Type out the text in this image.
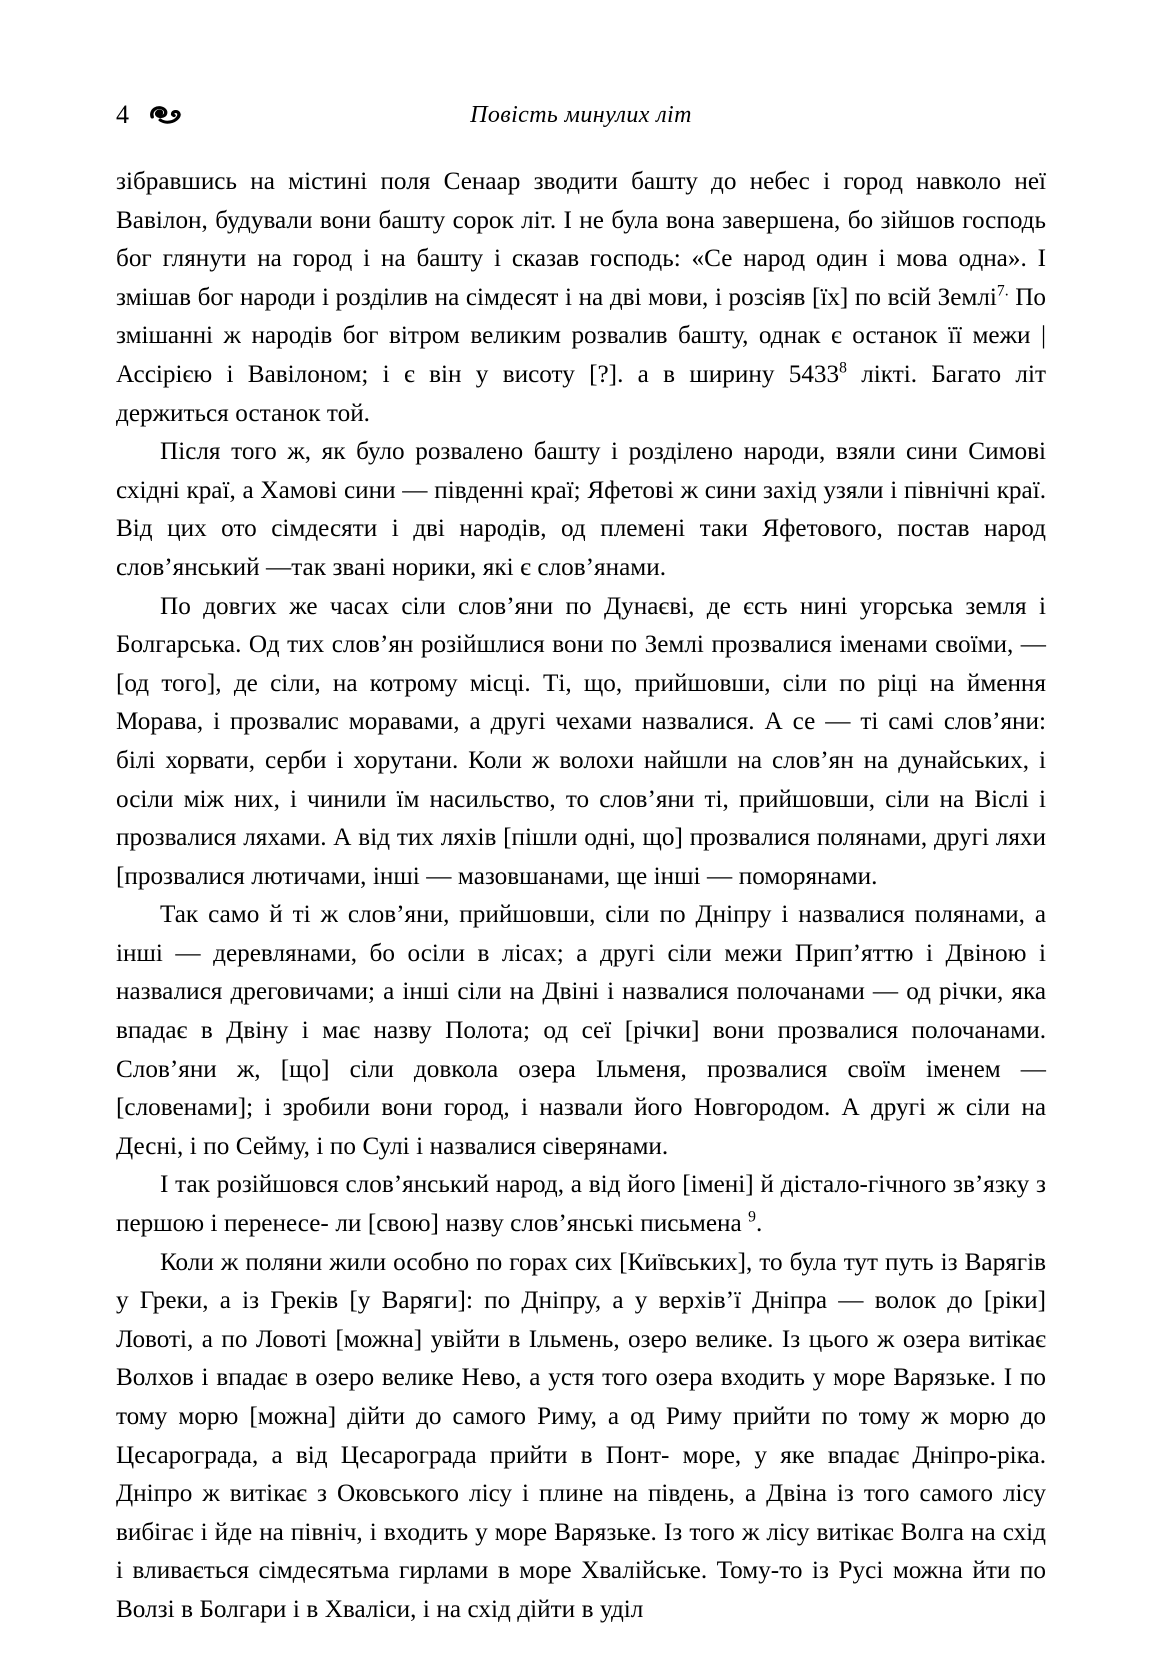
4	Повість минулих літ

зібравшись на містині поля Сенаар зводити башту до небес і город навколо неї Вавілон, будували вони башту сорок літ. І не була вона завершена, бо зійшов господь бог глянути на город і на башту і сказав господь: «Се народ один і мова одна». І змішав бог народи і розділив на сімдесят і на дві мови, і розсіяв [їх] по всій Землі$^{7.}$ По змішанні ж народів бог вітром великим розвалив башту, однак є останок її межи | Ассірією і Вавілоном; і є він у висоту [?]. а в ширину 5433$^8$ лікті. Багато літ держиться останок той.

Після того ж, як було розвалено башту і розділено народи, взяли сини Симові східні краї, а Хамові сини — південні краї; Яфетові ж сини захід узяли і північні краї. Від цих ото сімдесяти і дві народів, од племені таки Яфетового, постав народ слов’янський —так звані норики, які є слов’янами.

По довгих же часах сіли слов’яни по Дунаєві, де єсть нині угорська земля і Болгарська. Од тих слов’ян розійшлися вони по Землі прозвалися іменами своїми, — [од того], де сіли, на котрому місці. Ті, що, прийшовши, сіли по ріці на ймення Морава, і прозвалис моравами, а другі чехами назвалися. А се — ті самі слов’яни: білі хорвати, серби і хорутани. Коли ж волохи найшли на слов’ян на дунайських, і осіли між них, і чинили їм насильство, то слов’яни ті, прийшовши, сіли на Віслі і прозвалися ляхами. А від тих ляхів [пішли одні, що] прозвалися полянами, другі ляхи [прозвалися лютичами, інші — мазовшанами, ще інші — поморянами.

Так само й ті ж слов’яни, прийшовши, сіли по Дніпру і назвалися полянами, а інші — деревлянами, бо осіли в лісах; а другі сіли межи Прип’яттю і Двіною і назвалися дреговичами; а інші сіли на Двіні і назвалися полочанами — од річки, яка впадає в Двіну і має назву Полота; од сеї [річки] вони прозвалися полочанами. Слов’яни ж, [що] сіли довкола озера Ільменя, прозвалися своїм іменем — [словенами]; і зробили вони город, і назвали його Новгородом. А другі ж сіли на Десні, і по Сейму, і по Сулі і назвалися сіверянами.

І так розійшовся слов’янський народ, а від його [імені] й дістало-гічного зв’язку з першою і перенесе- ли [свою] назву слов’янські письмена $^9$.

Коли ж поляни жили особно по горах сих [Київських], то була тут путь із Варягів у Греки, а із Греків [у Варяги]: по Дніпру, а у верхів’ї Дніпра — волок до [ріки] Ловоті, а по Ловоті [можна] увійти в Ільмень, озеро велике. Із цього ж озера витікає Волхов і впадає в озеро велике Нево, а устя того озера входить у море Варязьке. І по тому морю [можна] дійти до самого Риму, а од Риму прийти по тому ж морю до Цесарограда, а від Цесарограда прийти в Понт- море, у яке впадає Дніпро-ріка. Дніпро ж витікає з Оковського лісу і плине на південь, а Двіна із того самого лісу вибігає і йде на північ, і входить у море Варязьке. Із того ж лісу витікає Волга на схід і вливається сімдесятьма гирлами в море Хвалійське. Тому-то із Русі можна йти по Волзі в Болгари і в Хваліси, і на схід дійти в уділ
